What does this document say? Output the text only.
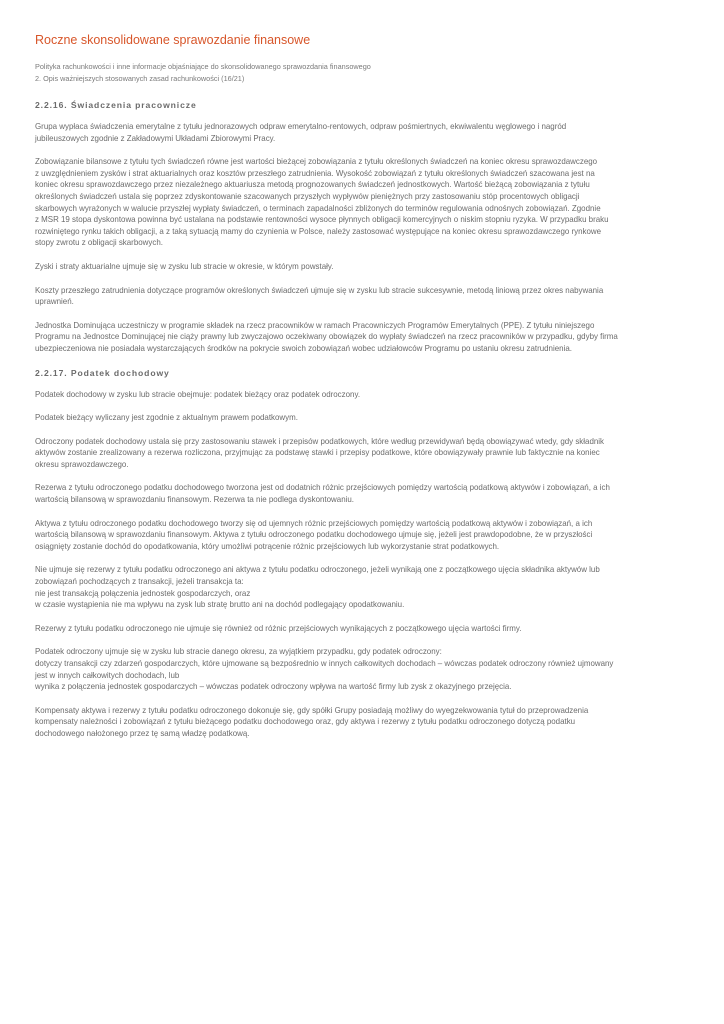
Roczne skonsolidowane sprawozdanie finansowe
Polityka rachunkowości i inne informacje objaśniające do skonsolidowanego sprawozdania finansowego
2. Opis ważniejszych stosowanych zasad rachunkowości (16/21)
2.2.16. Świadczenia pracownicze
Grupa wypłaca świadczenia emerytalne z tytułu jednorazowych odpraw emerytalno-rentowych, odpraw pośmiertnych, ekwiwalentu węglowego i nagród
jubileuszowych zgodnie z Zakładowymi Układami Zbiorowymi Pracy.
Zobowiązanie bilansowe z tytułu tych świadczeń równe jest wartości bieżącej zobowiązania z tytułu określonych świadczeń na koniec okresu sprawozdawczego
z uwzględnieniem zysków i strat aktuarialnych oraz kosztów przeszłego zatrudnienia. Wysokość zobowiązań z tytułu określonych świadczeń szacowana jest na
koniec okresu sprawozdawczego przez niezależnego aktuariusza metodą prognozowanych świadczeń jednostkowych. Wartość bieżącą zobowiązania z tytułu
określonych świadczeń ustala się poprzez zdyskontowanie szacowanych przyszłych wypływów pieniężnych przy zastosowaniu stóp procentowych obligacji
skarbowych wyrażonych w walucie przyszłej wypłaty świadczeń, o terminach zapadalności zbliżonych do terminów regulowania odnośnych zobowiązań. Zgodnie
z MSR 19 stopa dyskontowa powinna być ustalana na podstawie rentowności wysoce płynnych obligacji komercyjnych o niskim stopniu ryzyka. W przypadku braku
rozwiniętego rynku takich obligacji, a z taką sytuacją mamy do czynienia w Polsce, należy zastosować występujące na koniec okresu sprawozdawczego rynkowe
stopy zwrotu z obligacji skarbowych.
Zyski i straty aktuarialne ujmuje się w zysku lub stracie w okresie, w którym powstały.
Koszty przeszłego zatrudnienia dotyczące programów określonych świadczeń ujmuje się w zysku lub stracie sukcesywnie, metodą liniową przez okres nabywania
uprawnień.
Jednostka Dominująca uczestniczy w programie składek na rzecz pracowników w ramach Pracowniczych Programów Emerytalnych (PPE). Z tytułu niniejszego
Programu na Jednostce Dominującej nie ciąży prawny lub zwyczajowo oczekiwany obowiązek do wypłaty świadczeń na rzecz pracowników w przypadku, gdyby firma
ubezpieczeniowa nie posiadała wystarczających środków na pokrycie swoich zobowiązań wobec udziałowców Programu po ustaniu okresu zatrudnienia.
2.2.17. Podatek dochodowy
Podatek dochodowy w zysku lub stracie obejmuje: podatek bieżący oraz podatek odroczony.
Podatek bieżący wyliczany jest zgodnie z aktualnym prawem podatkowym.
Odroczony podatek dochodowy ustala się przy zastosowaniu stawek i przepisów podatkowych, które według przewidywań będą obowiązywać wtedy, gdy składnik
aktywów zostanie zrealizowany a rezerwa rozliczona, przyjmując za podstawę stawki i przepisy podatkowe, które obowiązywały prawnie lub faktycznie na koniec
okresu sprawozdawczego.
Rezerwa z tytułu odroczonego podatku dochodowego tworzona jest od dodatnich różnic przejściowych pomiędzy wartością podatkową aktywów i zobowiązań, a ich
wartością bilansową w sprawozdaniu finansowym. Rezerwa ta nie podlega dyskontowaniu.
Aktywa z tytułu odroczonego podatku dochodowego tworzy się od ujemnych różnic przejściowych pomiędzy wartością podatkową aktywów i zobowiązań, a ich
wartością bilansową w sprawozdaniu finansowym. Aktywa z tytułu odroczonego podatku dochodowego ujmuje się, jeżeli jest prawdopodobne, że w przyszłości
osiągnięty zostanie dochód do opodatkowania, który umożliwi potrącenie różnic przejściowych lub wykorzystanie strat podatkowych.
Nie ujmuje się rezerwy z tytułu podatku odroczonego ani aktywa z tytułu podatku odroczonego, jeżeli wynikają one z początkowego ujęcia składnika aktywów lub
zobowiązań pochodzących z transakcji, jeżeli transakcja ta:
nie jest transakcją połączenia jednostek gospodarczych, oraz
w czasie wystąpienia nie ma wpływu na zysk lub stratę brutto ani na dochód podlegający opodatkowaniu.
Rezerwy z tytułu podatku odroczonego nie ujmuje się również od różnic przejściowych wynikających z początkowego ujęcia wartości firmy.
Podatek odroczony ujmuje się w zysku lub stracie danego okresu, za wyjątkiem przypadku, gdy podatek odroczony:
dotyczy transakcji czy zdarzeń gospodarczych, które ujmowane są bezpośrednio w innych całkowitych dochodach – wówczas podatek odroczony również ujmowany
jest w innych całkowitych dochodach, lub
wynika z połączenia jednostek gospodarczych – wówczas podatek odroczony wpływa na wartość firmy lub zysk z okazyjnego przejęcia.
Kompensaty aktywa i rezerwy z tytułu podatku odroczonego dokonuje się, gdy spółki Grupy posiadają możliwy do wyegzekwowania tytuł do przeprowadzenia
kompensaty należności i zobowiązań z tytułu bieżącego podatku dochodowego oraz, gdy aktywa i rezerwy z tytułu podatku odroczonego dotyczą podatku
dochodowego nałożonego przez tę samą władzę podatkową.
